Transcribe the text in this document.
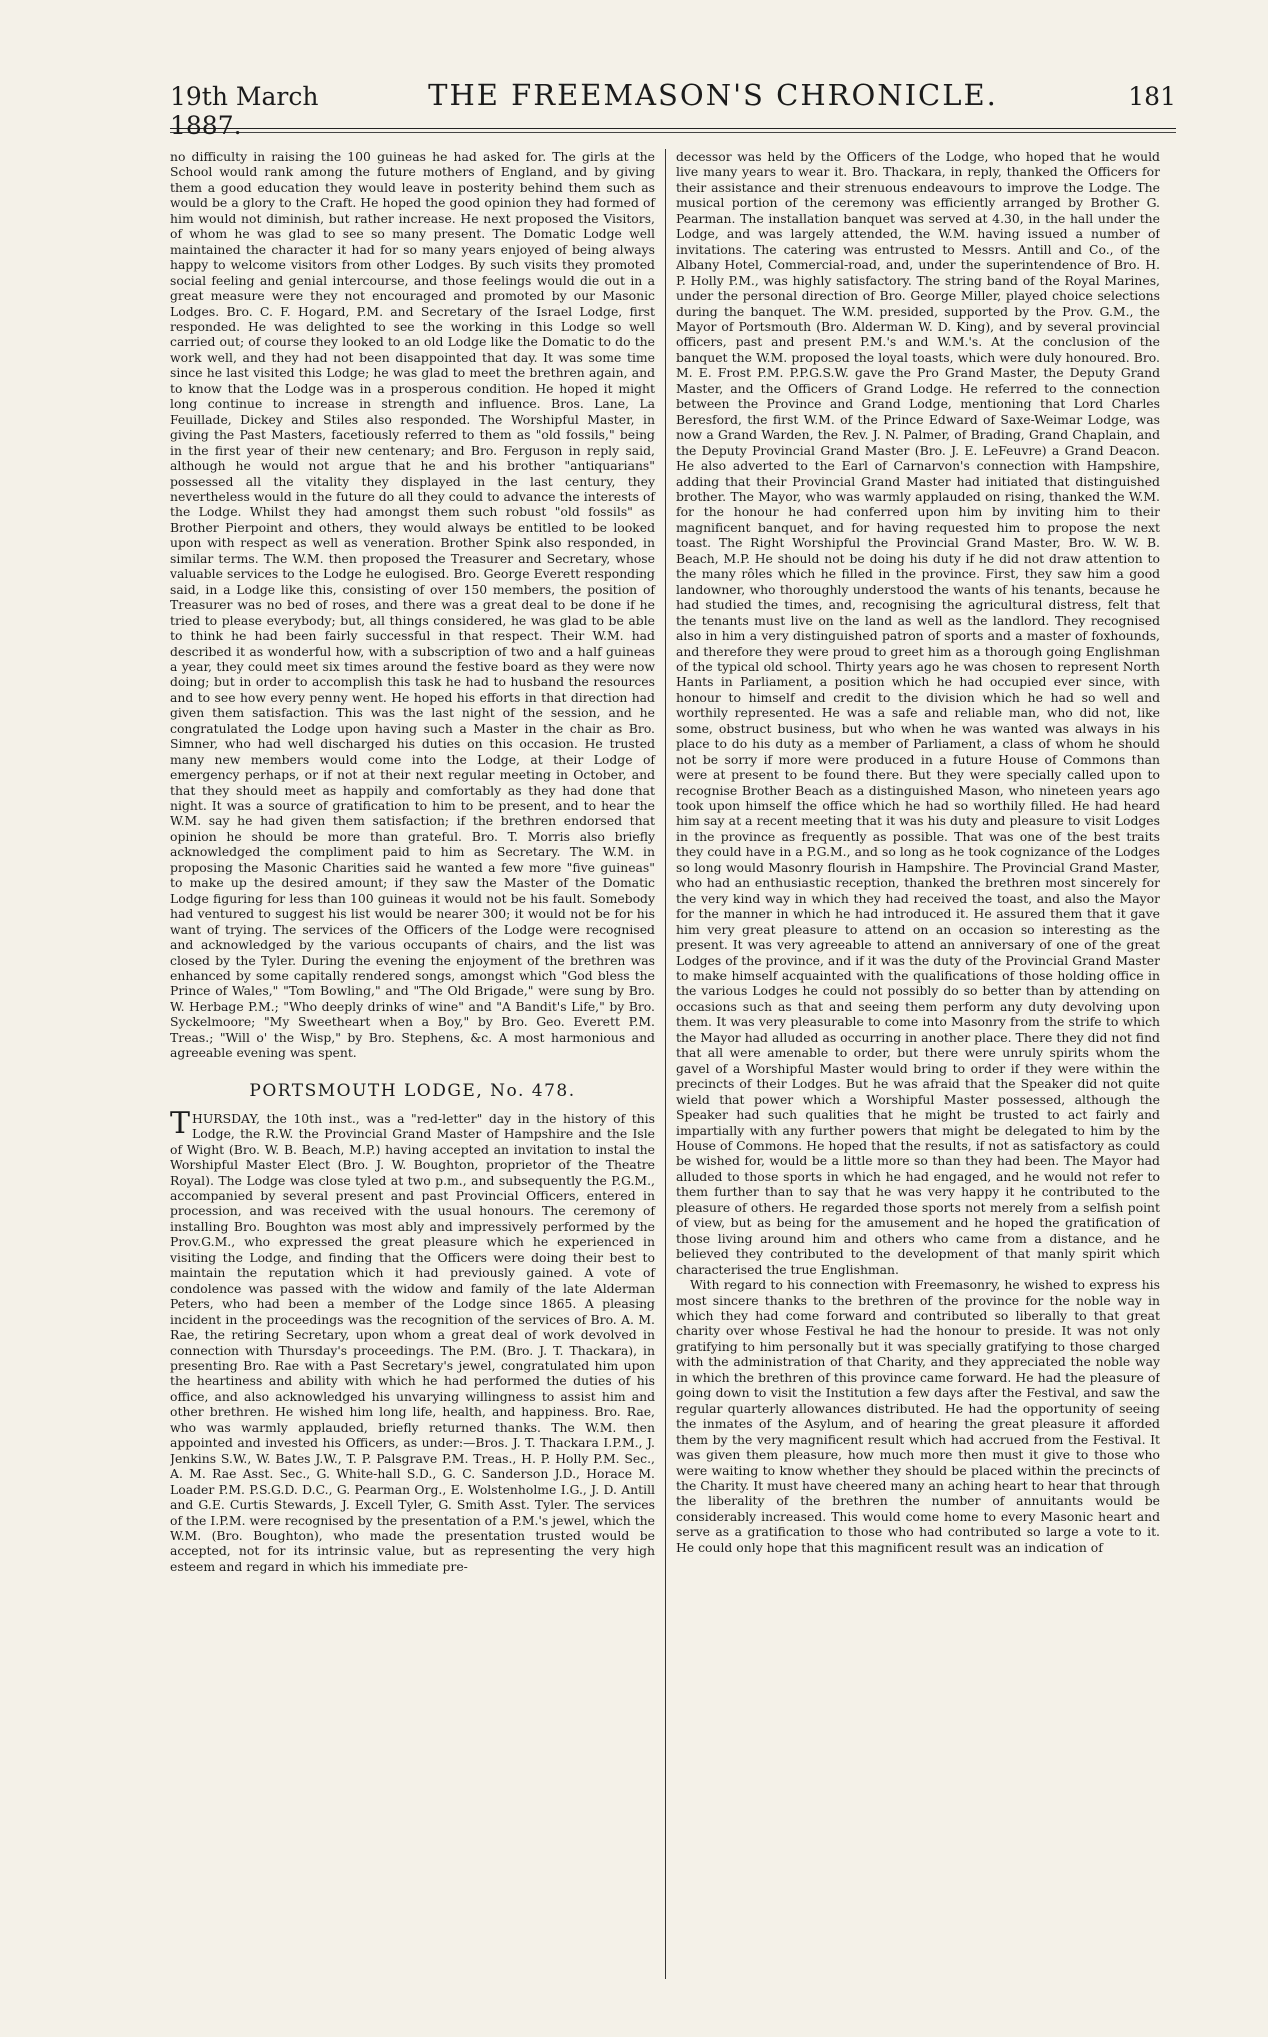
19th March 1887.
THE FREEMASON'S CHRONICLE.	181

no difficulty in raising the 100 guineas he had asked for. The girls at the School would rank among the future mothers of England, and by giving them a good education they would leave in posterity behind them such as would be a glory to the Craft. He hoped the good opinion they had formed of him would not diminish, but rather increase. He next proposed the Visitors, of whom he was glad to see so many present. The Domatic Lodge well maintained the character it had for so many years enjoyed of being always happy to welcome visitors from other Lodges. By such visits they promoted social feeling and genial intercourse, and those feelings would die out in a great measure were they not encouraged and promoted by our Masonic Lodges. Bro. C. F. Hogard, P.M. and Secretary of the Israel Lodge, first responded. He was delighted to see the working in this Lodge so well carried out; of course they looked to an old Lodge like the Domatic to do the work well, and they had not been disappointed that day. It was some time since he last visited this Lodge; he was glad to meet the brethren again, and to know that the Lodge was in a prosperous condition. He hoped it might long continue to increase in strength and influence. Bros. Lane, La Feuillade, Dickey and Stiles also responded. The Worshipful Master, in giving the Past Masters, facetiously referred to them as "old fossils," being in the first year of their new centenary; and Bro. Ferguson in reply said, although he would not argue that he and his brother "antiquarians" possessed all the vitality they displayed in the last century, they nevertheless would in the future do all they could to advance the interests of the Lodge. Whilst they had amongst them such robust "old fossils" as Brother Pierpoint and others, they would always be entitled to be looked upon with respect as well as veneration. Brother Spink also responded, in similar terms. The W.M. then proposed the Treasurer and Secretary, whose valuable services to the Lodge he eulogised. Bro. George Everett responding said, in a Lodge like this, consisting of over 150 members, the position of Treasurer was no bed of roses, and there was a great deal to be done if he tried to please everybody; but, all things considered, he was glad to be able to think he had been fairly successful in that respect. Their W.M. had described it as wonderful how, with a subscription of two and a half guineas a year, they could meet six times around the festive board as they were now doing; but in order to accomplish this task he had to husband the resources and to see how every penny went. He hoped his efforts in that direction had given them satisfaction. This was the last night of the session, and he congratulated the Lodge upon having such a Master in the chair as Bro. Simner, who had well discharged his duties on this occasion. He trusted many new members would come into the Lodge, at their Lodge of emergency perhaps, or if not at their next regular meeting in October, and that they should meet as happily and comfortably as they had done that night. It was a source of gratification to him to be present, and to hear the W.M. say he had given them satisfaction; if the brethren endorsed that opinion he should be more than grateful. Bro. T. Morris also briefly acknowledged the compliment paid to him as Secretary. The W.M. in proposing the Masonic Charities said he wanted a few more "five guineas" to make up the desired amount; if they saw the Master of the Domatic Lodge figuring for less than 100 guineas it would not be his fault. Somebody had ventured to suggest his list would be nearer 300; it would not be for his want of trying. The services of the Officers of the Lodge were recognised and acknowledged by the various occupants of chairs, and the list was closed by the Tyler. During the evening the enjoyment of the brethren was enhanced by some capitally rendered songs, amongst which "God bless the Prince of Wales," "Tom Bowling," and "The Old Brigade," were sung by Bro. W. Herbage P.M.; "Who deeply drinks of wine" and "A Bandit's Life," by Bro. Syckelmoore; "My Sweetheart when a Boy," by Bro. Geo. Everett P.M. Treas.; "Will o' the Wisp," by Bro. Stephens, &c. A most harmonious and agreeable evening was spent.

PORTSMOUTH LODGE, No. 478.

THURSDAY, the 10th inst., was a "red-letter" day in the history of this Lodge, the R.W. the Provincial Grand Master of Hampshire and the Isle of Wight (Bro. W. B. Beach, M.P.) having accepted an invitation to instal the Worshipful Master Elect (Bro. J. W. Boughton, proprietor of the Theatre Royal). The Lodge was close tyled at two p.m., and subsequently the P.G.M., accompanied by several present and past Provincial Officers, entered in procession, and was received with the usual honours. The ceremony of installing Bro. Boughton was most ably and impressively performed by the Prov.G.M., who expressed the great pleasure which he experienced in visiting the Lodge, and finding that the Officers were doing their best to maintain the reputation which it had previously gained. A vote of condolence was passed with the widow and family of the late Alderman Peters, who had been a member of the Lodge since 1865. A pleasing incident in the proceedings was the recognition of the services of Bro. A. M. Rae, the retiring Secretary, upon whom a great deal of work devolved in connection with Thursday's proceedings. The P.M. (Bro. J. T. Thackara), in presenting Bro. Rae with a Past Secretary's jewel, congratulated him upon the heartiness and ability with which he had performed the duties of his office, and also acknowledged his unvarying willingness to assist him and other brethren. He wished him long life, health, and happiness. Bro. Rae, who was warmly applauded, briefly returned thanks. The W.M. then appointed and invested his Officers, as under:—Bros. J. T. Thackara I.P.M., J. Jenkins S.W., W. Bates J.W., T. P. Palsgrave P.M. Treas., H. P. Holly P.M. Sec., A. M. Rae Asst. Sec., G. White-hall S.D., G. C. Sanderson J.D., Horace M. Loader P.M. P.S.G.D. D.C., G. Pearman Org., E. Wolstenholme I.G., J. D. Antill and G.E. Curtis Stewards, J. Excell Tyler, G. Smith Asst. Tyler. The services of the I.P.M. were recognised by the presentation of a P.M.'s jewel, which the W.M. (Bro. Boughton), who made the presentation trusted would be accepted, not for its intrinsic value, but as representing the very high esteem and regard in which his immediate pre-

decessor was held by the Officers of the Lodge, who hoped that he would live many years to wear it. Bro. Thackara, in reply, thanked the Officers for their assistance and their strenuous endeavours to improve the Lodge. The musical portion of the ceremony was efficiently arranged by Brother G. Pearman. The installation banquet was served at 4.30, in the hall under the Lodge, and was largely attended, the W.M. having issued a number of invitations. The catering was entrusted to Messrs. Antill and Co., of the Albany Hotel, Commercial-road, and, under the superintendence of Bro. H. P. Holly P.M., was highly satisfactory. The string band of the Royal Marines, under the personal direction of Bro. George Miller, played choice selections during the banquet. The W.M. presided, supported by the Prov. G.M., the Mayor of Portsmouth (Bro. Alderman W. D. King), and by several provincial officers, past and present P.M.'s and W.M.'s. At the conclusion of the banquet the W.M. proposed the loyal toasts, which were duly honoured. Bro. M. E. Frost P.M. P.P.G.S.W. gave the Pro Grand Master, the Deputy Grand Master, and the Officers of Grand Lodge. He referred to the connection between the Province and Grand Lodge, mentioning that Lord Charles Beresford, the first W.M. of the Prince Edward of Saxe-Weimar Lodge, was now a Grand Warden, the Rev. J. N. Palmer, of Brading, Grand Chaplain, and the Deputy Provincial Grand Master (Bro. J. E. LeFeuvre) a Grand Deacon. He also adverted to the Earl of Carnarvon's connection with Hampshire, adding that their Provincial Grand Master had initiated that distinguished brother. The Mayor, who was warmly applauded on rising, thanked the W.M. for the honour he had conferred upon him by inviting him to their magnificent banquet, and for having requested him to propose the next toast. The Right Worshipful the Provincial Grand Master, Bro. W. W. B. Beach, M.P. He should not be doing his duty if he did not draw attention to the many rôles which he filled in the province. First, they saw him a good landowner, who thoroughly understood the wants of his tenants, because he had studied the times, and, recognising the agricultural distress, felt that the tenants must live on the land as well as the landlord. They recognised also in him a very distinguished patron of sports and a master of foxhounds, and therefore they were proud to greet him as a thorough going Englishman of the typical old school. Thirty years ago he was chosen to represent North Hants in Parliament, a position which he had occupied ever since, with honour to himself and credit to the division which he had so well and worthily represented. He was a safe and reliable man, who did not, like some, obstruct business, but who when he was wanted was always in his place to do his duty as a member of Parliament, a class of whom he should not be sorry if more were produced in a future House of Commons than were at present to be found there. But they were specially called upon to recognise Brother Beach as a distinguished Mason, who nineteen years ago took upon himself the office which he had so worthily filled. He had heard him say at a recent meeting that it was his duty and pleasure to visit Lodges in the province as frequently as possible. That was one of the best traits they could have in a P.G.M., and so long as he took cognizance of the Lodges so long would Masonry flourish in Hampshire. The Provincial Grand Master, who had an enthusiastic reception, thanked the brethren most sincerely for the very kind way in which they had received the toast, and also the Mayor for the manner in which he had introduced it. He assured them that it gave him very great pleasure to attend on an occasion so interesting as the present. It was very agreeable to attend an anniversary of one of the great Lodges of the province, and if it was the duty of the Provincial Grand Master to make himself acquainted with the qualifications of those holding office in the various Lodges he could not possibly do so better than by attending on occasions such as that and seeing them perform any duty devolving upon them. It was very pleasurable to come into Masonry from the strife to which the Mayor had alluded as occurring in another place. There they did not find that all were amenable to order, but there were unruly spirits whom the gavel of a Worshipful Master would bring to order if they were within the precincts of their Lodges. But he was afraid that the Speaker did not quite wield that power which a Worshipful Master possessed, although the Speaker had such qualities that he might be trusted to act fairly and impartially with any further powers that might be delegated to him by the House of Commons. He hoped that the results, if not as satisfactory as could be wished for, would be a little more so than they had been. The Mayor had alluded to those sports in which he had engaged, and he would not refer to them further than to say that he was very happy it he contributed to the pleasure of others. He regarded those sports not merely from a selfish point of view, but as being for the amusement and he hoped the gratification of those living around him and others who came from a distance, and he believed they contributed to the development of that manly spirit which characterised the true Englishman.

With regard to his connection with Freemasonry, he wished to express his most sincere thanks to the brethren of the province for the noble way in which they had come forward and contributed so liberally to that great charity over whose Festival he had the honour to preside. It was not only gratifying to him personally but it was specially gratifying to those charged with the administration of that Charity, and they appreciated the noble way in which the brethren of this province came forward. He had the pleasure of going down to visit the Institution a few days after the Festival, and saw the regular quarterly allowances distributed. He had the opportunity of seeing the inmates of the Asylum, and of hearing the great pleasure it afforded them by the very magnificent result which had accrued from the Festival. It was given them pleasure, how much more then must it give to those who were waiting to know whether they should be placed within the precincts of the Charity. It must have cheered many an aching heart to hear that through the liberality of the brethren the number of annuitants would be considerably increased. This would come home to every Masonic heart and serve as a gratification to those who had contributed so large a vote to it. He could only hope that this magnificent result was an indication of
